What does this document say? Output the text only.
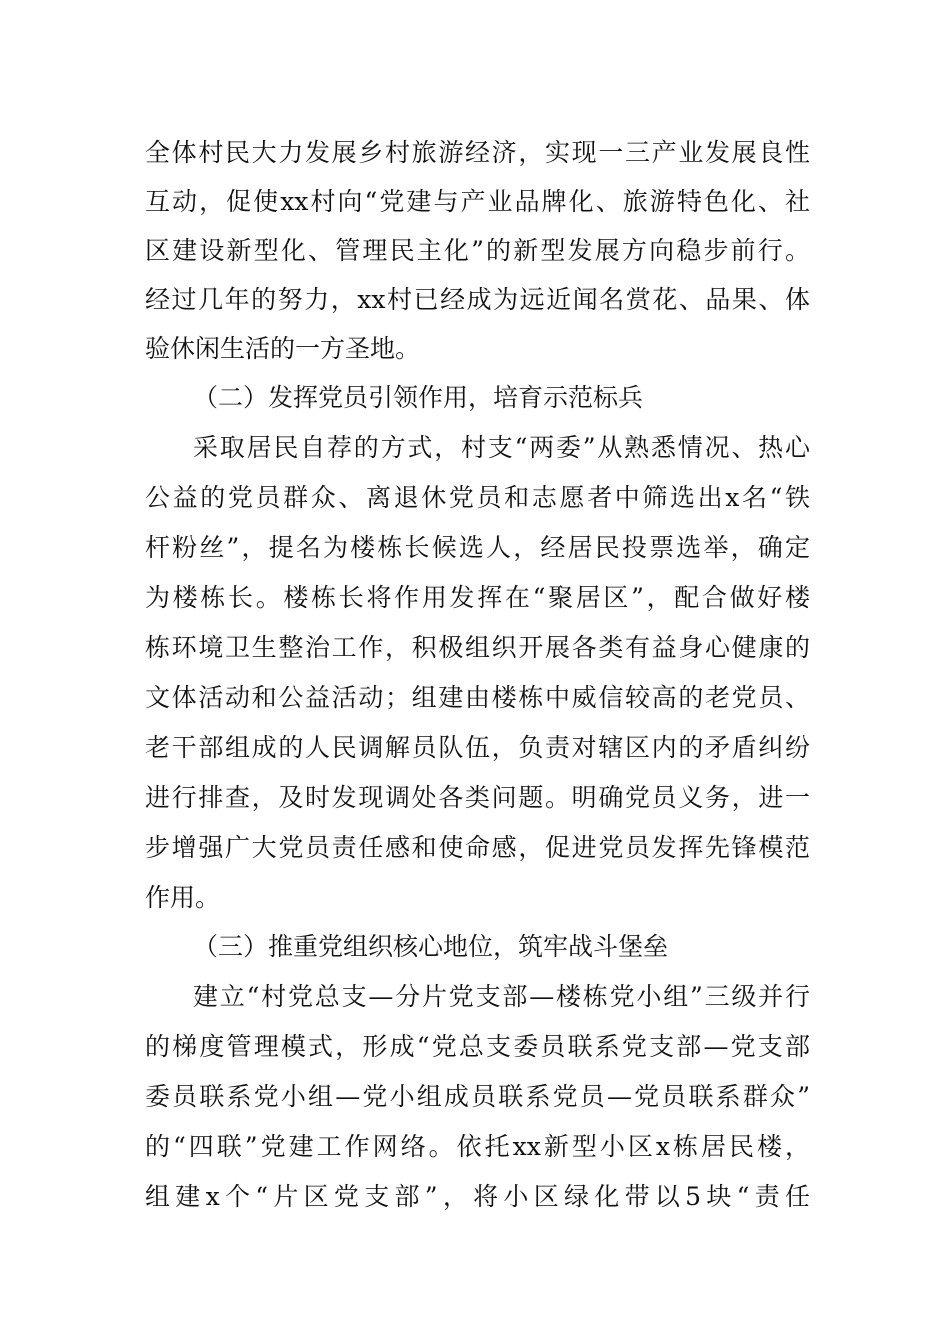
全体村民大力发展乡村旅游经济，实现一三产业发展良性
互动，促使xx村向“党建与产业品牌化、旅游特色化、社
区建设新型化、管理民主化”的新型发展方向稳步前行。
经过几年的努力，xx村已经成为远近闻名赏花、品果、体
验休闲生活的一方圣地。
（二）发挥党员引领作用，培育示范标兵
采取居民自荐的方式，村支“两委”从熟悉情况、热心
公益的党员群众、离退休党员和志愿者中筛选出x名“铁
杆粉丝”，提名为楼栋长候选人，经居民投票选举，确定
为楼栋长。楼栋长将作用发挥在“聚居区”，配合做好楼
栋环境卫生整治工作，积极组织开展各类有益身心健康的
文体活动和公益活动；组建由楼栋中威信较高的老党员、
老干部组成的人民调解员队伍，负责对辖区内的矛盾纠纷
进行排查，及时发现调处各类问题。明确党员义务，进一
步增强广大党员责任感和使命感，促进党员发挥先锋模范
作用。
（三）推重党组织核心地位，筑牢战斗堡垒
建立“村党总支—分片党支部—楼栋党小组”三级并行
的梯度管理模式，形成“党总支委员联系党支部—党支部
委员联系党小组—党小组成员联系党员—党员联系群众”
的“四联”党建工作网络。依托xx新型小区x栋居民楼，
组建x个“片区党支部”，将小区绿化带以5块“责任
